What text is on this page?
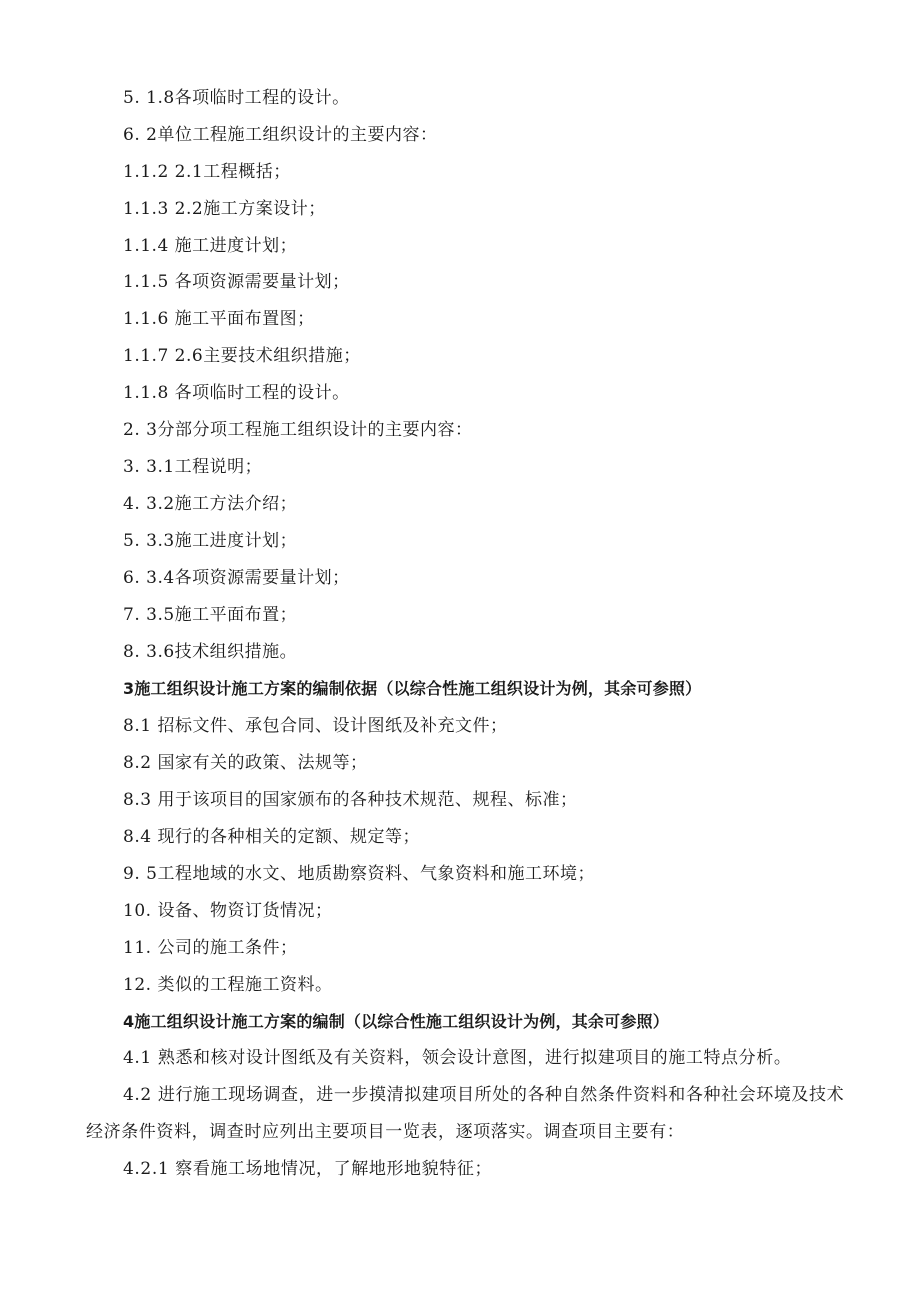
5. 1.8各项临时工程的设计。
6. 2单位工程施工组织设计的主要内容：
1.1.2 2.1工程概括；
1.1.3 2.2施工方案设计；
1.1.4 施工进度计划；
1.1.5 各项资源需要量计划；
1.1.6 施工平面布置图；
1.1.7 2.6主要技术组织措施；
1.1.8 各项临时工程的设计。
2. 3分部分项工程施工组织设计的主要内容：
3. 3.1工程说明；
4. 3.2施工方法介绍；
5. 3.3施工进度计划；
6. 3.4各项资源需要量计划；
7. 3.5施工平面布置；
8. 3.6技术组织措施。
3施工组织设计施工方案的编制依据（以综合性施工组织设计为例，其余可参照）
8.1 招标文件、承包合同、设计图纸及补充文件；
8.2 国家有关的政策、法规等；
8.3 用于该项目的国家颁布的各种技术规范、规程、标准；
8.4 现行的各种相关的定额、规定等；
9. 5工程地域的水文、地质勘察资料、气象资料和施工环境；
10. 设备、物资订货情况；
11. 公司的施工条件；
12. 类似的工程施工资料。
4施工组织设计施工方案的编制（以综合性施工组织设计为例，其余可参照）
4.1 熟悉和核对设计图纸及有关资料，领会设计意图，进行拟建项目的施工特点分析。
4.2 进行施工现场调查，进一步摸清拟建项目所处的各种自然条件资料和各种社会环境及技术经济条件资料，调查时应列出主要项目一览表，逐项落实。调查项目主要有：
4.2.1 察看施工场地情况，了解地形地貌特征；
